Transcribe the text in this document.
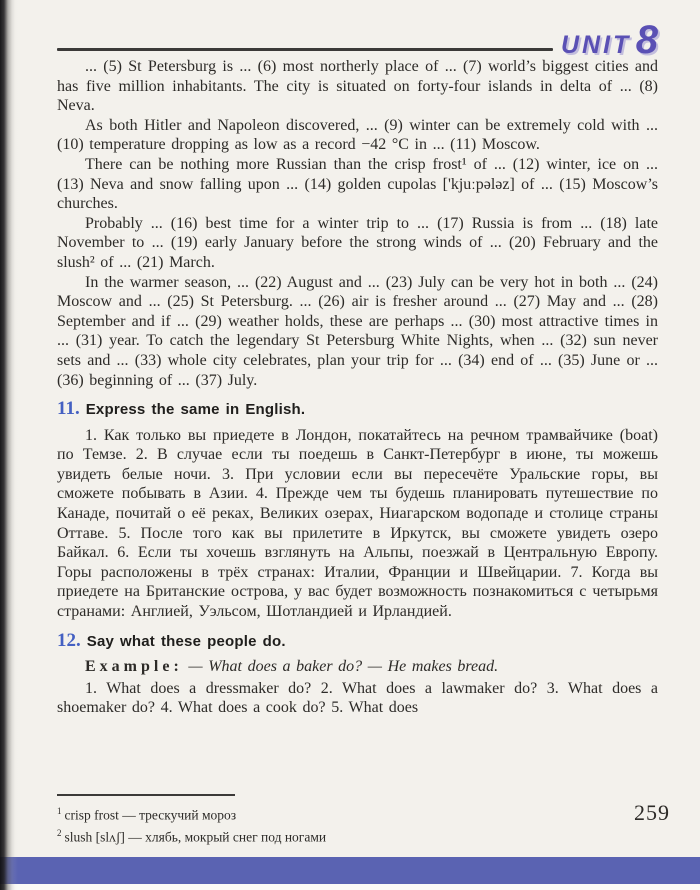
UNIT 8

... (5) St Petersburg is ... (6) most northerly place of ... (7) world’s biggest cities and has five million inhabitants. The city is situated on forty-four islands in delta of ... (8) Neva.

As both Hitler and Napoleon discovered, ... (9) winter can be extremely cold with ... (10) temperature dropping as low as a record −42 °C in ... (11) Moscow.

There can be nothing more Russian than the crisp frost¹ of ... (12) winter, ice on ... (13) Neva and snow falling upon ... (14) golden cupolas ['kjuːpələz] of ... (15) Moscow’s churches.

Probably ... (16) best time for a winter trip to ... (17) Russia is from ... (18) late November to ... (19) early January before the strong winds of ... (20) February and the slush² of ... (21) March.

In the warmer season, ... (22) August and ... (23) July can be very hot in both ... (24) Moscow and ... (25) St Petersburg. ... (26) air is fresher around ... (27) May and ... (28) September and if ... (29) weather holds, these are perhaps ... (30) most attractive times in ... (31) year. To catch the legendary St Petersburg White Nights, when ... (32) sun never sets and ... (33) whole city celebrates, plan your trip for ... (34) end of ... (35) June or ... (36) beginning of ... (37) July.

11. Express the same in English.

1. Как только вы приедете в Лондон, покатайтесь на речном трамвайчике (boat) по Темзе. 2. В случае если ты поедешь в Санкт-Петербург в июне, ты можешь увидеть белые ночи. 3. При условии если вы пересечёте Уральские горы, вы сможете побывать в Азии. 4. Прежде чем ты будешь планировать путешествие по Канаде, почитай о её реках, Великих озерах, Ниагарском водопаде и столице страны Оттаве. 5. После того как вы прилетите в Иркутск, вы сможете увидеть озеро Байкал. 6. Если ты хочешь взглянуть на Альпы, поезжай в Центральную Европу. Горы расположены в трёх странах: Италии, Франции и Швейцарии. 7. Когда вы приедете на Британские острова, у вас будет возможность познакомиться с четырьмя странами: Англией, Уэльсом, Шотландией и Ирландией.

12. Say what these people do.

Example: — What does a baker do? — He makes bread.

1. What does a dressmaker do? 2. What does a lawmaker do? 3. What does a shoemaker do? 4. What does a cook do? 5. What does

$^1$ crisp frost — трескучий мороз
$^2$ slush [slʌʃ] — хлябь, мокрый снег под ногами
259
